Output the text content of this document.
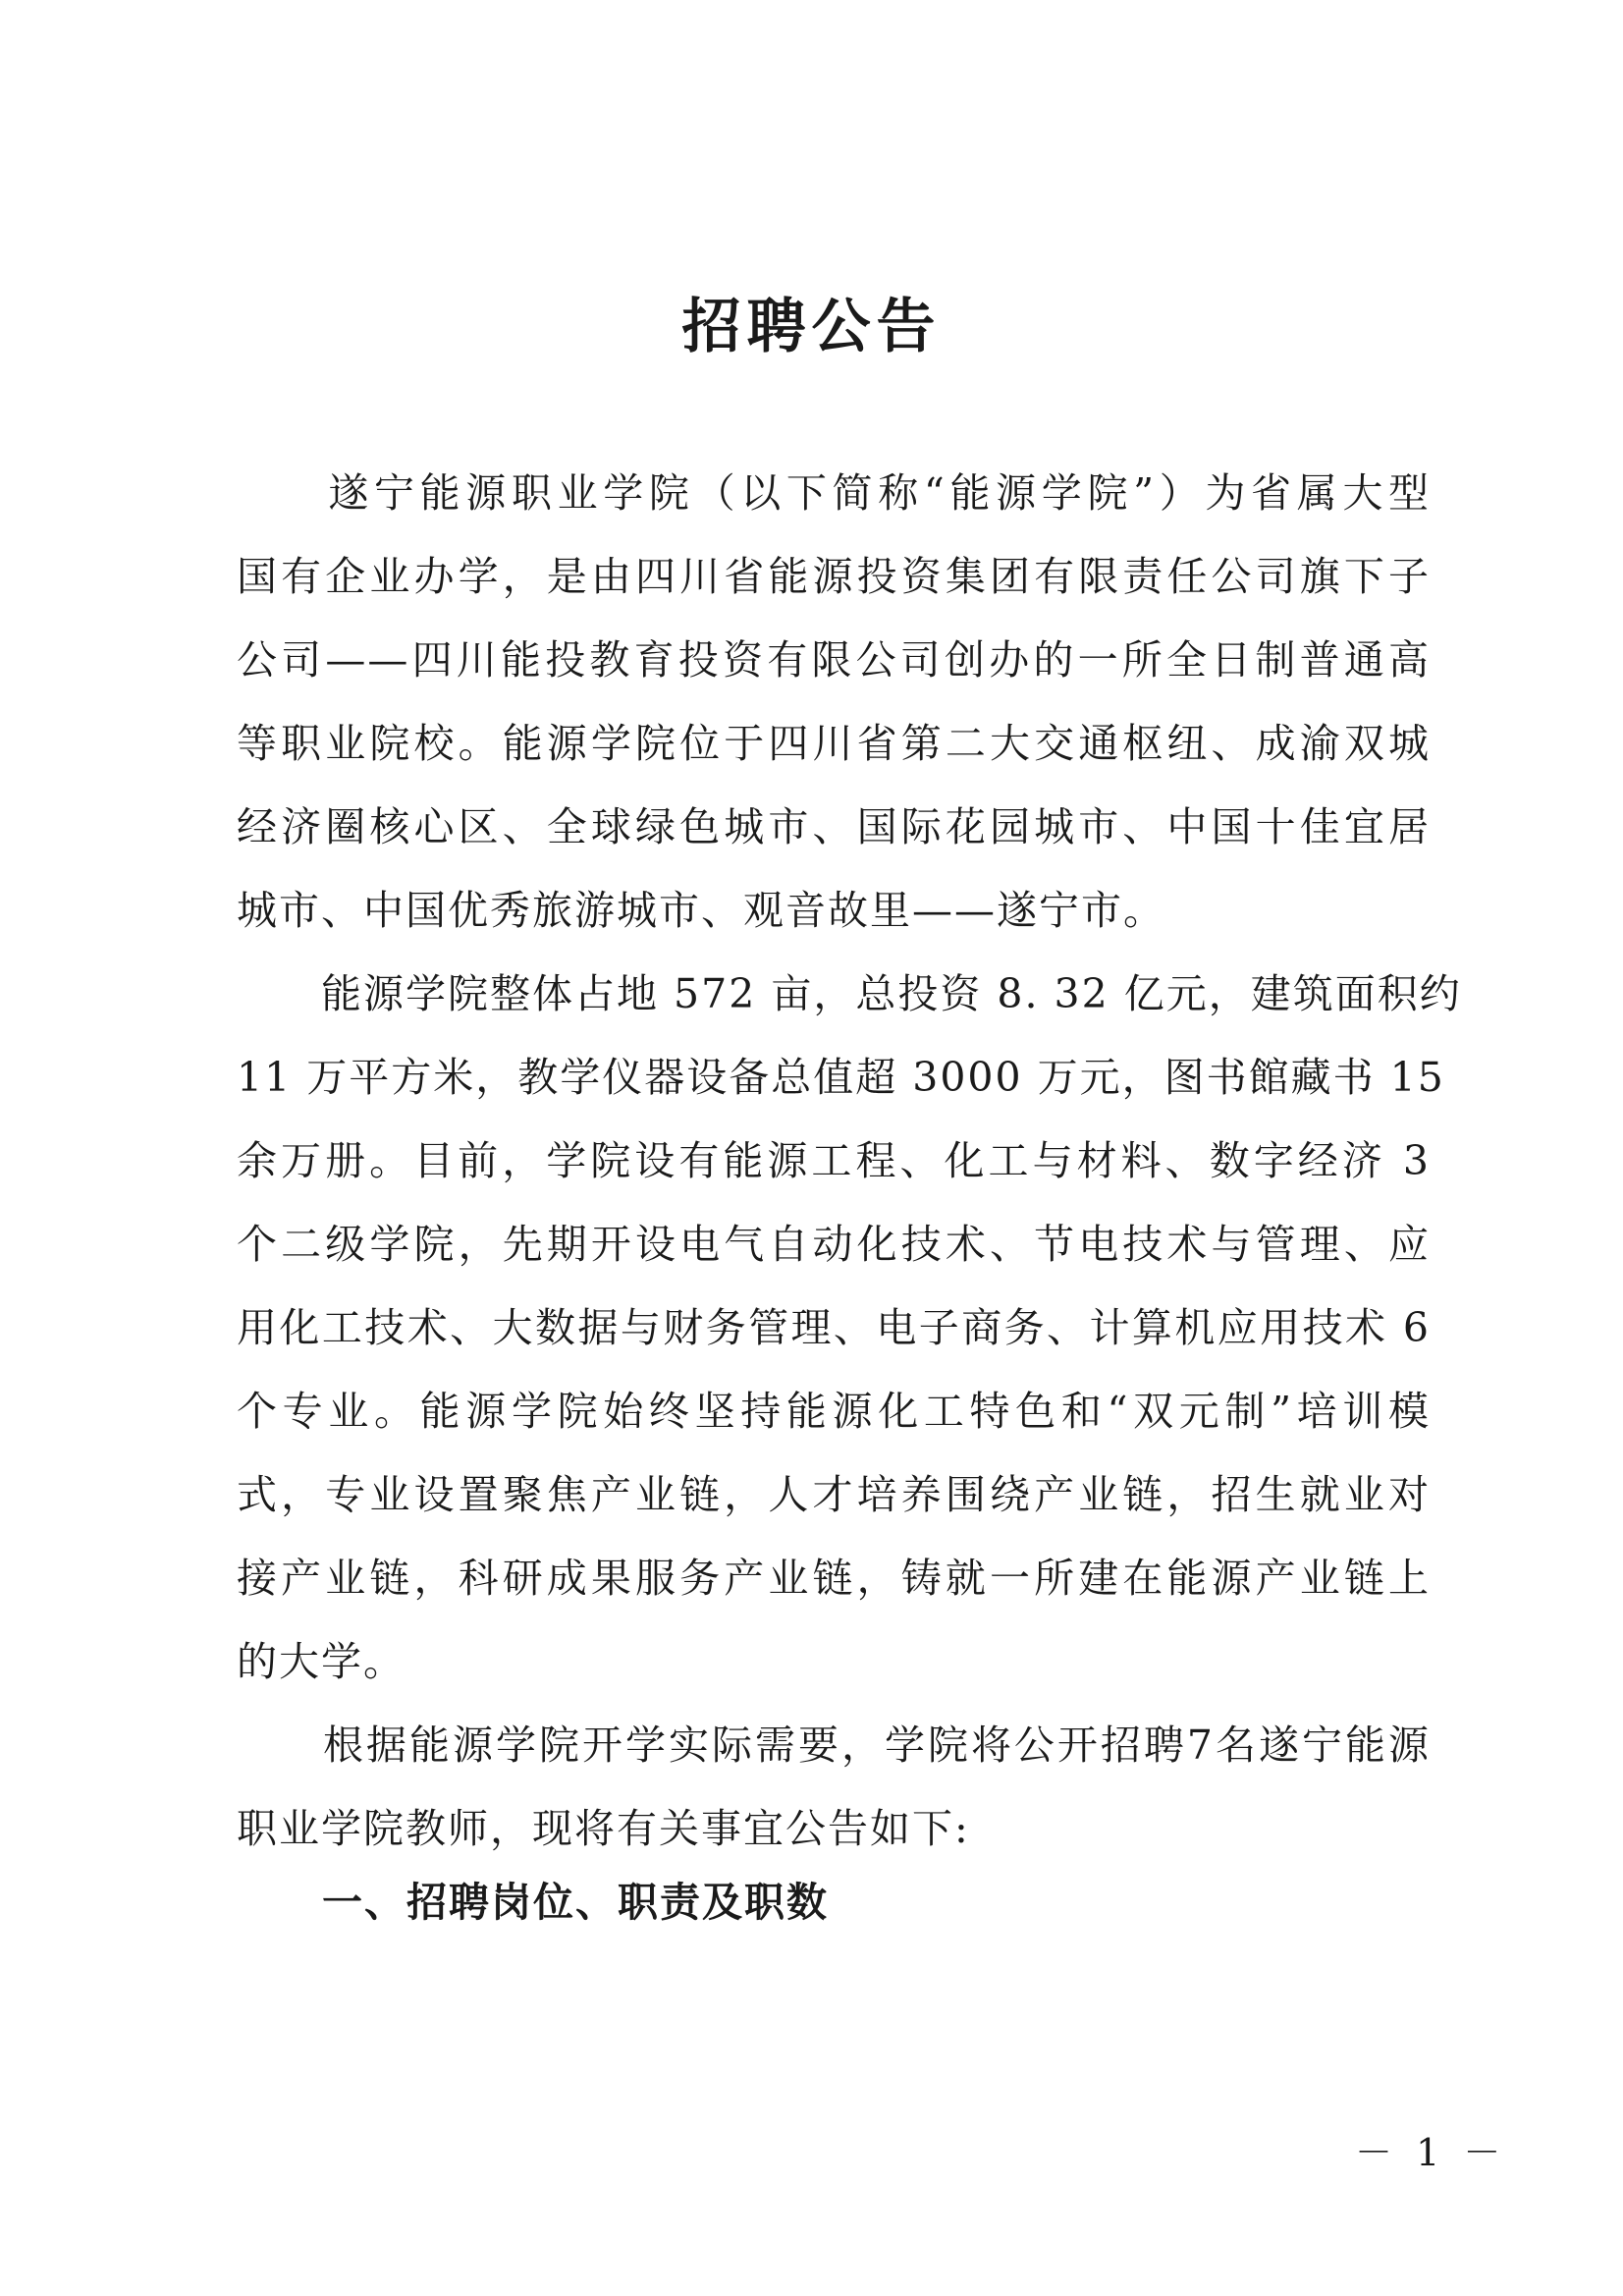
招聘公告
　　遂宁能源职业学院（以下简称“能源学院”）为省属大型
国有企业办学，是由四川省能源投资集团有限责任公司旗下子
公司——四川能投教育投资有限公司创办的一所全日制普通高
等职业院校。能源学院位于四川省第二大交通枢纽、成渝双城
经济圈核心区、全球绿色城市、国际花园城市、中国十佳宜居
城市、中国优秀旅游城市、观音故里——遂宁市。
　　能源学院整体占地 572 亩，总投资 8. 32 亿元，建筑面积约
11 万平方米，教学仪器设备总值超 3000 万元，图书館藏书 15
余万册。目前，学院设有能源工程、化工与材料、数字经济 3
个二级学院，先期开设电气自动化技术、节电技术与管理、应
用化工技术、大数据与财务管理、电子商务、计算机应用技术 6
个专业。能源学院始终坚持能源化工特色和“双元制”培训模
式，专业设置聚焦产业链，人才培养围绕产业链，招生就业对
接产业链，科研成果服务产业链，铸就一所建在能源产业链上
的大学。
　　根据能源学院开学实际需要，学院将公开招聘7名遂宁能源
职业学院教师，现将有关事宜公告如下:
一、招聘岗位、职责及职数
－ 1 －
